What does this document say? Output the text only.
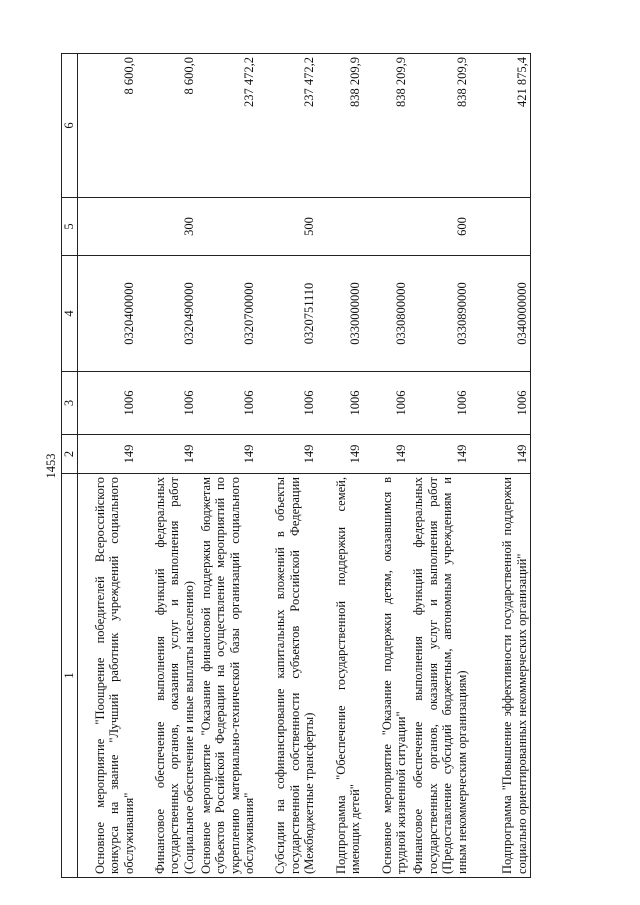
1453
1	2	3	4	5	6
Основное мероприятие "Поощрение победителей Всероссийского конкурса на звание "Лучший работник учреждений социального обслуживания"	149	1006	0320400000		8 600,0
Финансовое обеспечение выполнения функций федеральных государственных органов, оказания услуг и выполнения работ (Социальное обеспечение и иные выплаты населению)	149	1006	0320490000	300	8 600,0
Основное мероприятие "Оказание финансовой поддержки бюджетам субъектов Российской Федерации на осуществление мероприятий по укреплению материально-технической базы организаций социального обслуживания"	149	1006	0320700000		237 472,2
Субсидии на софинансирование капитальных вложений в объекты государственной собственности субъектов Российской Федерации (Межбюджетные трансферты)	149	1006	0320751110	500	237 472,2
Подпрограмма "Обеспечение государственной поддержки семей, имеющих детей"	149	1006	0330000000		838 209,9
Основное мероприятие "Оказание поддержки детям, оказавшимся в трудной жизненной ситуации"	149	1006	0330800000		838 209,9
Финансовое обеспечение выполнения функций федеральных государственных органов, оказания услуг и выполнения работ (Предоставление субсидий бюджетным, автономным учреждениям и иным некоммерческим организациям)	149	1006	0330890000	600	838 209,9
Подпрограмма "Повышение эффективности государственной поддержки социально ориентированных некоммерческих организаций"	149	1006	0340000000		421 875,4
